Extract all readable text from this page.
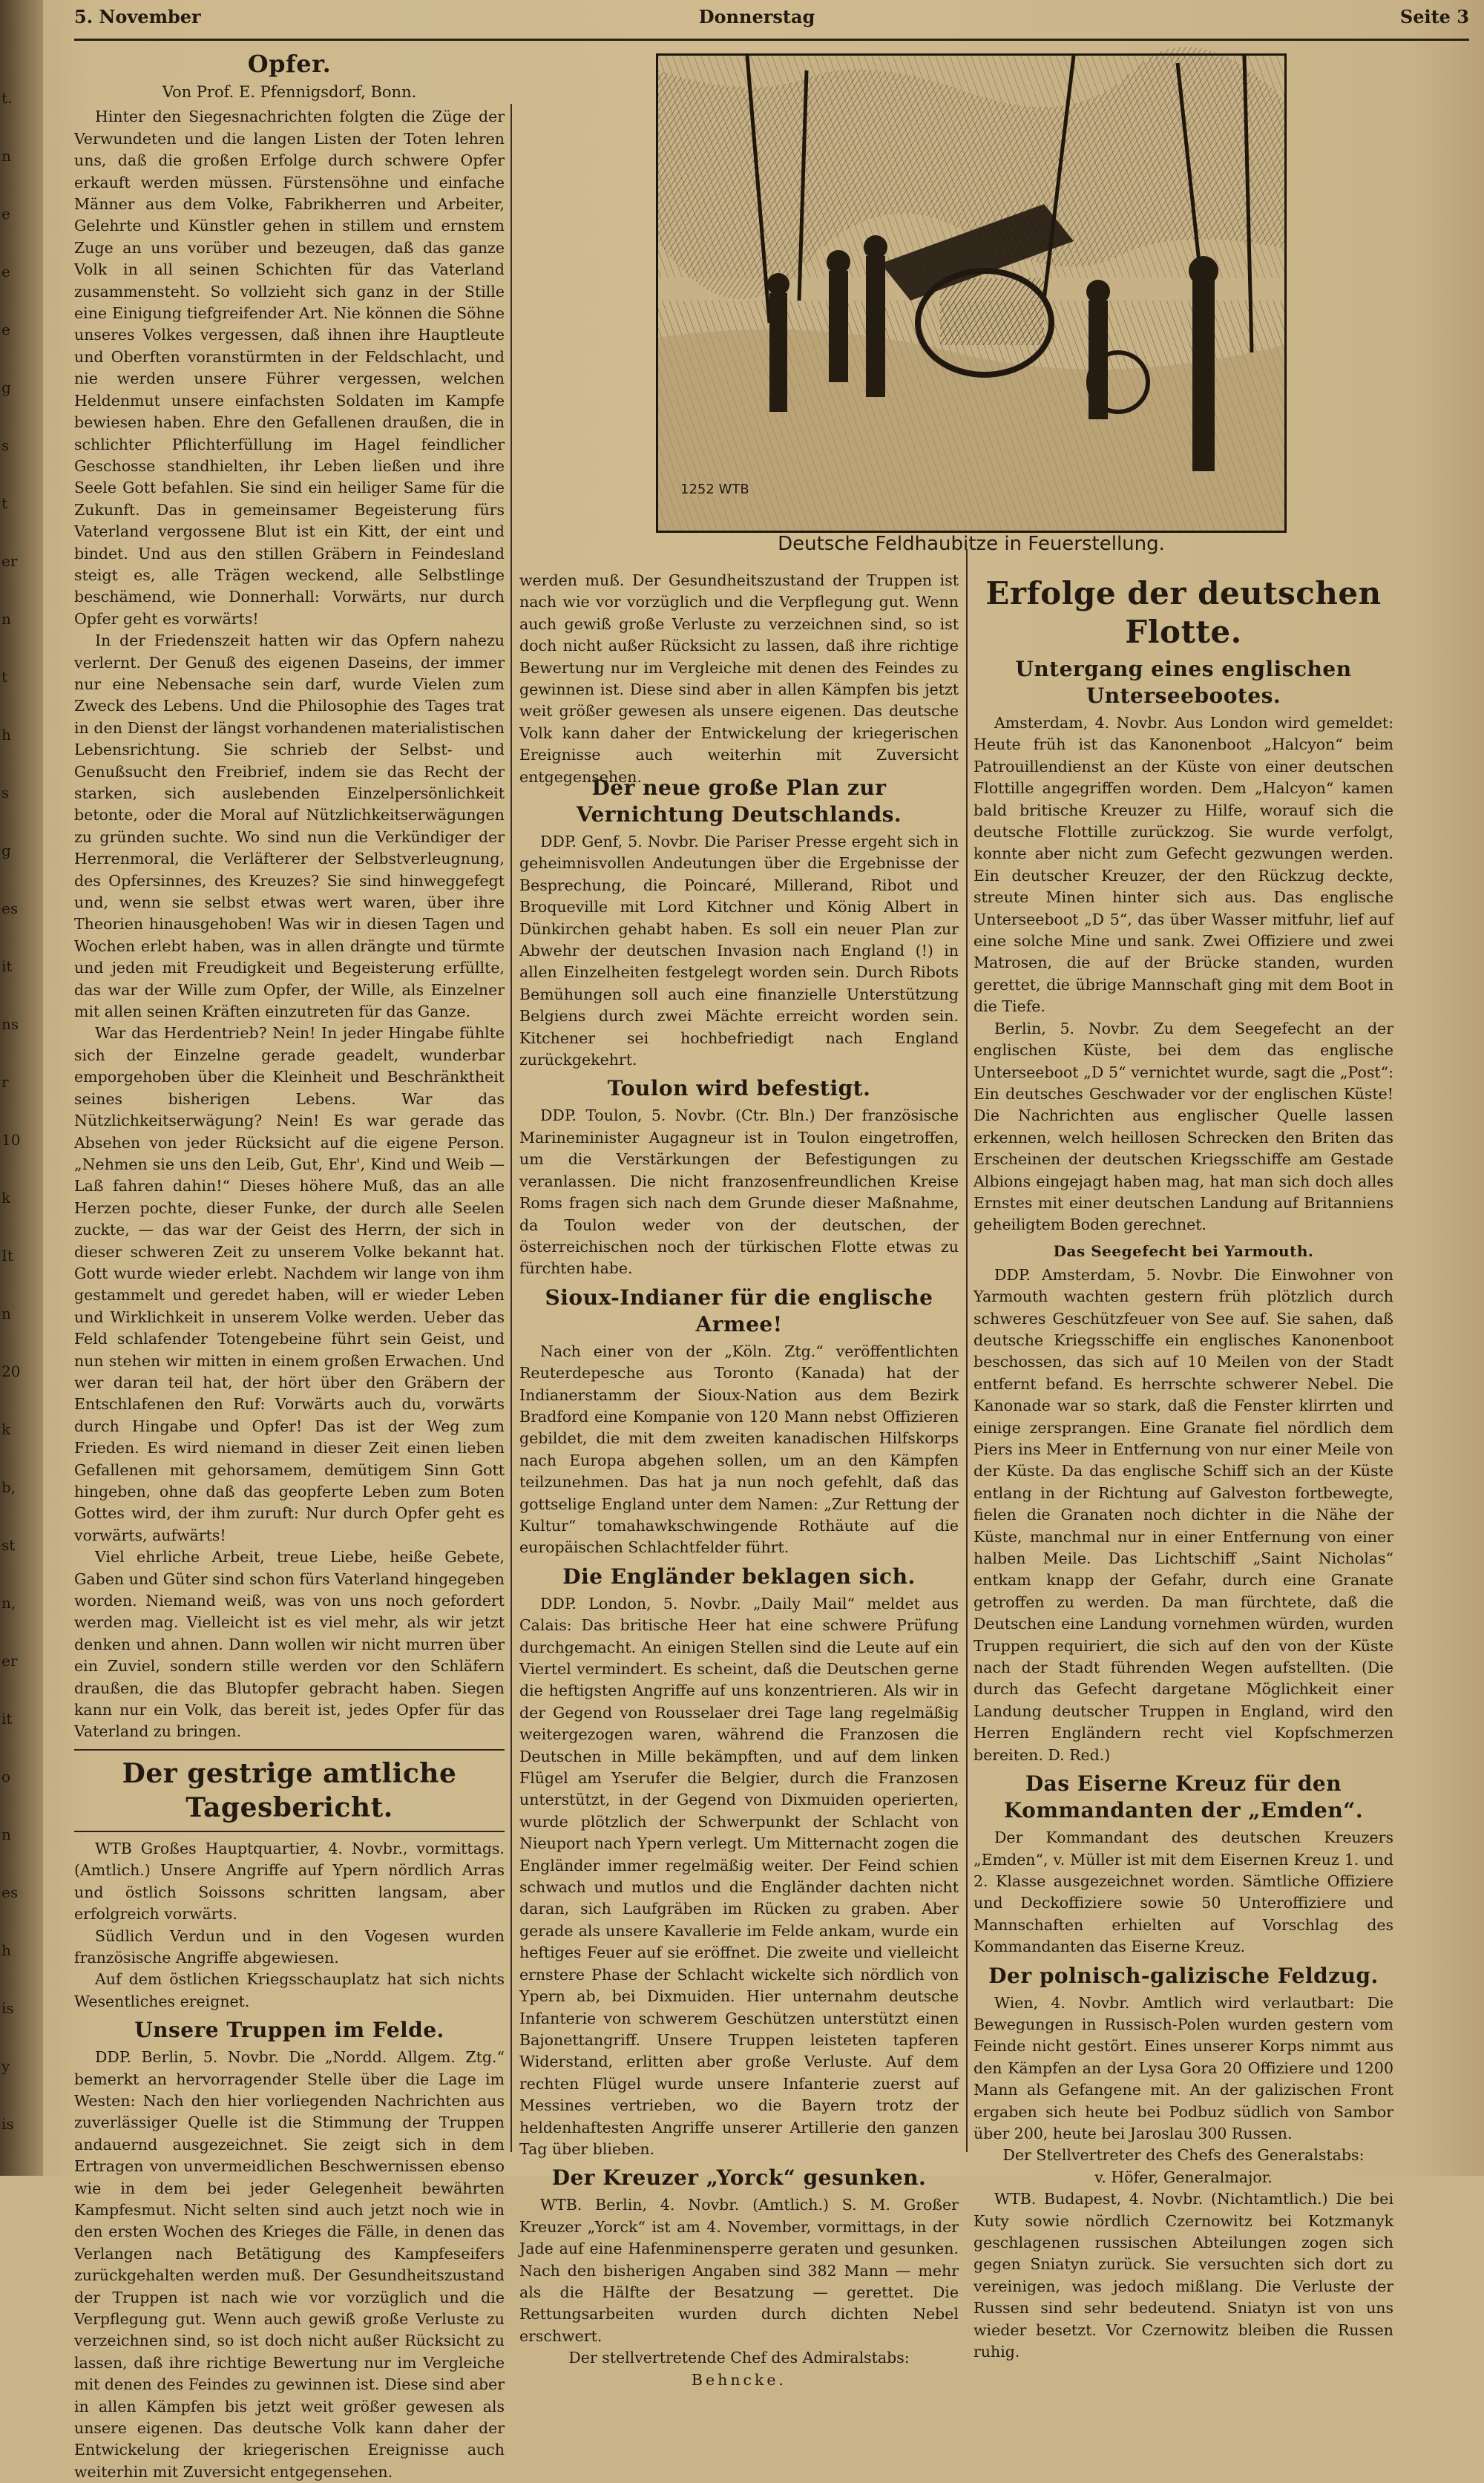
t.
n
e
e
e
g
s
t
er
n
t
h
s
g
es
it
ns
r
10
k
It
n
20
k
b,
st
n,
er
it
o
n
es
h
is
y
is
5. November	Donnerstag	Seite 3
Opfer.
Von Prof. E. Pfennigsdorf, Bonn.

Hinter den Siegesnachrichten folgten die Züge der Verwundeten und die langen Listen der Toten lehren uns, daß die großen Erfolge durch schwere Opfer erkauft werden müssen. Fürstensöhne und einfache Männer aus dem Volke, Fabrikherren und Arbeiter, Gelehrte und Künstler gehen in stillem und ernstem Zuge an uns vorüber und bezeugen, daß das ganze Volk in all seinen Schichten für das Vaterland zusammensteht. So vollzieht sich ganz in der Stille eine Einigung tiefgreifender Art. Nie können die Söhne unseres Volkes vergessen, daß ihnen ihre Hauptleute und Oberften voranstürmten in der Feldschlacht, und nie werden unsere Führer vergessen, welchen Heldenmut unsere einfachsten Soldaten im Kampfe bewiesen haben. Ehre den Gefallenen draußen, die in schlichter Pflichterfüllung im Hagel feindlicher Geschosse standhielten, ihr Leben ließen und ihre Seele Gott befahlen. Sie sind ein heiliger Same für die Zukunft. Das in gemeinsamer Begeisterung fürs Vaterland vergossene Blut ist ein Kitt, der eint und bindet. Und aus den stillen Gräbern in Feindesland steigt es, alle Trägen weckend, alle Selbstlinge beschämend, wie Donnerhall: Vorwärts, nur durch Opfer geht es vorwärts!

In der Friedenszeit hatten wir das Opfern nahezu verlernt. Der Genuß des eigenen Daseins, der immer nur eine Nebensache sein darf, wurde Vielen zum Zweck des Lebens. Und die Philosophie des Tages trat in den Dienst der längst vorhandenen materialistischen Lebensrichtung. Sie schrieb der Selbst- und Genußsucht den Freibrief, indem sie das Recht der starken, sich auslebenden Einzelpersönlichkeit betonte, oder die Moral auf Nützlichkeitserwägungen zu gründen suchte. Wo sind nun die Verkündiger der Herrenmoral, die Verläfterer der Selbstverleugnung, des Opfersinnes, des Kreuzes? Sie sind hinweggefegt und, wenn sie selbst etwas wert waren, über ihre Theorien hinausgehoben! Was wir in diesen Tagen und Wochen erlebt haben, was in allen drängte und türmte und jeden mit Freudigkeit und Begeisterung erfüllte, das war der Wille zum Opfer, der Wille, als Einzelner mit allen seinen Kräften einzutreten für das Ganze.

War das Herdentrieb? Nein! In jeder Hingabe fühlte sich der Einzelne gerade geadelt, wunderbar emporgehoben über die Kleinheit und Beschränktheit seines bisherigen Lebens. War das Nützlichkeitserwägung? Nein! Es war gerade das Absehen von jeder Rücksicht auf die eigene Person. „Nehmen sie uns den Leib, Gut, Ehr', Kind und Weib — Laß fahren dahin!“ Dieses höhere Muß, das an alle Herzen pochte, dieser Funke, der durch alle Seelen zuckte, — das war der Geist des Herrn, der sich in dieser schweren Zeit zu unserem Volke bekannt hat. Gott wurde wieder erlebt. Nachdem wir lange von ihm gestammelt und geredet haben, will er wieder Leben und Wirklichkeit in unserem Volke werden. Ueber das Feld schlafender Totengebeine führt sein Geist, und nun stehen wir mitten in einem großen Erwachen. Und wer daran teil hat, der hört über den Gräbern der Entschlafenen den Ruf: Vorwärts auch du, vorwärts durch Hingabe und Opfer! Das ist der Weg zum Frieden. Es wird niemand in dieser Zeit einen lieben Gefallenen mit gehorsamem, demütigem Sinn Gott hingeben, ohne daß das geopferte Leben zum Boten Gottes wird, der ihm zuruft: Nur durch Opfer geht es vorwärts, aufwärts!

Viel ehrliche Arbeit, treue Liebe, heiße Gebete, Gaben und Güter sind schon fürs Vaterland hingegeben worden. Niemand weiß, was von uns noch gefordert werden mag. Vielleicht ist es viel mehr, als wir jetzt denken und ahnen. Dann wollen wir nicht murren über ein Zuviel, sondern stille werden vor den Schläfern draußen, die das Blutopfer gebracht haben. Siegen kann nur ein Volk, das bereit ist, jedes Opfer für das Vaterland zu bringen.

Der gestrige amtliche Tagesbericht.

WTB Großes Hauptquartier, 4. Novbr., vormittags. (Amtlich.) Unsere Angriffe auf Ypern nördlich Arras und östlich Soissons schritten langsam, aber erfolgreich vorwärts.

Südlich Verdun und in den Vogesen wurden französische Angriffe abgewiesen.

Auf dem östlichen Kriegsschauplatz hat sich nichts Wesentliches ereignet.

Unsere Truppen im Felde.

DDP. Berlin, 5. Novbr. Die „Nordd. Allgem. Ztg.“ bemerkt an hervorragender Stelle über die Lage im Westen: Nach den hier vorliegenden Nachrichten aus zuverlässiger Quelle ist die Stimmung der Truppen andauernd ausgezeichnet. Sie zeigt sich in dem Ertragen von unvermeidlichen Beschwernissen ebenso wie in dem bei jeder Gelegenheit bewährten Kampfesmut. Nicht selten sind auch jetzt noch wie in den ersten Wochen des Krieges die Fälle, in denen das Verlangen nach Betätigung des Kampfeseifers zurückgehalten werden muß. Der Gesundheitszustand der Truppen ist nach wie vor vorzüglich und die Verpflegung gut. Wenn auch gewiß große Verluste zu verzeichnen sind, so ist doch nicht außer Rücksicht zu lassen, daß ihre richtige Bewertung nur im Vergleiche mit denen des Feindes zu gewinnen ist. Diese sind aber in allen Kämpfen bis jetzt weit größer gewesen als unsere eigenen. Das deutsche Volk kann daher der Entwickelung der kriegerischen Ereignisse auch weiterhin mit Zuversicht entgegensehen.

1252 WTB
Deutsche Feldhaubitze in Feuerstellung.

werden muß. Der Gesundheitszustand der Truppen ist nach wie vor vorzüglich und die Verpflegung gut. Wenn auch gewiß große Verluste zu verzeichnen sind, so ist doch nicht außer Rücksicht zu lassen, daß ihre richtige Bewertung nur im Vergleiche mit denen des Feindes zu gewinnen ist. Diese sind aber in allen Kämpfen bis jetzt weit größer gewesen als unsere eigenen. Das deutsche Volk kann daher der Entwickelung der kriegerischen Ereignisse auch weiterhin mit Zuversicht entgegensehen.

Der neue große Plan zur Vernichtung Deutschlands.

DDP. Genf, 5. Novbr. Die Pariser Presse ergeht sich in geheimnisvollen Andeutungen über die Ergebnisse der Besprechung, die Poincaré, Millerand, Ribot und Broqueville mit Lord Kitchner und König Albert in Dünkirchen gehabt haben. Es soll ein neuer Plan zur Abwehr der deutschen Invasion nach England (!) in allen Einzelheiten festgelegt worden sein. Durch Ribots Bemühungen soll auch eine finanzielle Unterstützung Belgiens durch zwei Mächte erreicht worden sein. Kitchener sei hochbefriedigt nach England zurückgekehrt.

Toulon wird befestigt.

DDP. Toulon, 5. Novbr. (Ctr. Bln.) Der französische Marineminister Augagneur ist in Toulon eingetroffen, um die Verstärkungen der Befestigungen zu veranlassen. Die nicht franzosenfreundlichen Kreise Roms fragen sich nach dem Grunde dieser Maßnahme, da Toulon weder von der deutschen, der österreichischen noch der türkischen Flotte etwas zu fürchten habe.

Sioux-Indianer für die englische Armee!

Nach einer von der „Köln. Ztg.“ veröffentlichten Reuterdepesche aus Toronto (Kanada) hat der Indianerstamm der Sioux-Nation aus dem Bezirk Bradford eine Kompanie von 120 Mann nebst Offizieren gebildet, die mit dem zweiten kanadischen Hilfskorps nach Europa abgehen sollen, um an den Kämpfen teilzunehmen. Das hat ja nun noch gefehlt, daß das gottselige England unter dem Namen: „Zur Rettung der Kultur“ tomahawkschwingende Rothäute auf die europäischen Schlachtfelder führt.

Die Engländer beklagen sich.

DDP. London, 5. Novbr. „Daily Mail“ meldet aus Calais: Das britische Heer hat eine schwere Prüfung durchgemacht. An einigen Stellen sind die Leute auf ein Viertel vermindert. Es scheint, daß die Deutschen gerne die heftigsten Angriffe auf uns konzentrieren. Als wir in der Gegend von Rousselaer drei Tage lang regelmäßig weitergezogen waren, während die Franzosen die Deutschen in Mille bekämpften, und auf dem linken Flügel am Yserufer die Belgier, durch die Franzosen unterstützt, in der Gegend von Dixmuiden operierten, wurde plötzlich der Schwerpunkt der Schlacht von Nieuport nach Ypern verlegt. Um Mitternacht zogen die Engländer immer regelmäßig weiter. Der Feind schien schwach und mutlos und die Engländer dachten nicht daran, sich Laufgräben im Rücken zu graben. Aber gerade als unsere Kavallerie im Felde ankam, wurde ein heftiges Feuer auf sie eröffnet. Die zweite und vielleicht ernstere Phase der Schlacht wickelte sich nördlich von Ypern ab, bei Dixmuiden. Hier unternahm deutsche Infanterie von schwerem Geschützen unterstützt einen Bajonettangriff. Unsere Truppen leisteten tapferen Widerstand, erlitten aber große Verluste. Auf dem rechten Flügel wurde unsere Infanterie zuerst auf Messines vertrieben, wo die Bayern trotz der heldenhaftesten Angriffe unserer Artillerie den ganzen Tag über blieben.

Der Kreuzer „Yorck“ gesunken.

WTB. Berlin, 4. Novbr. (Amtlich.) S. M. Großer Kreuzer „Yorck“ ist am 4. November, vormittags, in der Jade auf eine Hafenminensperre geraten und gesunken. Nach den bisherigen Angaben sind 382 Mann — mehr als die Hälfte der Besatzung — gerettet. Die Rettungsarbeiten wurden durch dichten Nebel erschwert.

Der stellvertretende Chef des Admiralstabs:
Behncke.
Erfolge der deutschen Flotte.
Untergang eines englischen Unterseebootes.

Amsterdam, 4. Novbr. Aus London wird gemeldet: Heute früh ist das Kanonenboot „Halcyon“ beim Patrouillendienst an der Küste von einer deutschen Flottille angegriffen worden. Dem „Halcyon“ kamen bald britische Kreuzer zu Hilfe, worauf sich die deutsche Flottille zurückzog. Sie wurde verfolgt, konnte aber nicht zum Gefecht gezwungen werden. Ein deutscher Kreuzer, der den Rückzug deckte, streute Minen hinter sich aus. Das englische Unterseeboot „D 5“, das über Wasser mitfuhr, lief auf eine solche Mine und sank. Zwei Offiziere und zwei Matrosen, die auf der Brücke standen, wurden gerettet, die übrige Mannschaft ging mit dem Boot in die Tiefe.

Berlin, 5. Novbr. Zu dem Seegefecht an der englischen Küste, bei dem das englische Unterseeboot „D 5“ vernichtet wurde, sagt die „Post“: Ein deutsches Geschwader vor der englischen Küste! Die Nachrichten aus englischer Quelle lassen erkennen, welch heillosen Schrecken den Briten das Erscheinen der deutschen Kriegsschiffe am Gestade Albions eingejagt haben mag, hat man sich doch alles Ernstes mit einer deutschen Landung auf Britanniens geheiligtem Boden gerechnet.

Das Seegefecht bei Yarmouth.

DDP. Amsterdam, 5. Novbr. Die Einwohner von Yarmouth wachten gestern früh plötzlich durch schweres Geschützfeuer von See auf. Sie sahen, daß deutsche Kriegsschiffe ein englisches Kanonenboot beschossen, das sich auf 10 Meilen von der Stadt entfernt befand. Es herrschte schwerer Nebel. Die Kanonade war so stark, daß die Fenster klirrten und einige zersprangen. Eine Granate fiel nördlich dem Piers ins Meer in Entfernung von nur einer Meile von der Küste. Da das englische Schiff sich an der Küste entlang in der Richtung auf Galveston fortbewegte, fielen die Granaten noch dichter in die Nähe der Küste, manchmal nur in einer Entfernung von einer halben Meile. Das Lichtschiff „Saint Nicholas“ entkam knapp der Gefahr, durch eine Granate getroffen zu werden. Da man fürchtete, daß die Deutschen eine Landung vornehmen würden, wurden Truppen requiriert, die sich auf den von der Küste nach der Stadt führenden Wegen aufstellten. (Die durch das Gefecht dargetane Möglichkeit einer Landung deutscher Truppen in England, wird den Herren Engländern recht viel Kopfschmerzen bereiten. D. Red.)

Das Eiserne Kreuz für den Kommandanten der „Emden“.

Der Kommandant des deutschen Kreuzers „Emden“, v. Müller ist mit dem Eisernen Kreuz 1. und 2. Klasse ausgezeichnet worden. Sämtliche Offiziere und Deckoffiziere sowie 50 Unteroffiziere und Mannschaften erhielten auf Vorschlag des Kommandanten das Eiserne Kreuz.

Der polnisch-galizische Feldzug.

Wien, 4. Novbr. Amtlich wird verlautbart: Die Bewegungen in Russisch-Polen wurden gestern vom Feinde nicht gestört. Eines unserer Korps nimmt aus den Kämpfen an der Lysa Gora 20 Offiziere und 1200 Mann als Gefangene mit. An der galizischen Front ergaben sich heute bei Podbuz südlich von Sambor über 200, heute bei Jaroslau 300 Russen.

Der Stellvertreter des Chefs des Generalstabs:
v. Höfer, Generalmajor.

WTB. Budapest, 4. Novbr. (Nichtamtlich.) Die bei Kuty sowie nördlich Czernowitz bei Kotzmanyk geschlagenen russischen Abteilungen zogen sich gegen Sniatyn zurück. Sie versuchten sich dort zu vereinigen, was jedoch mißlang. Die Verluste der Russen sind sehr bedeutend. Sniatyn ist von uns wieder besetzt. Vor Czernowitz bleiben die Russen ruhig.
